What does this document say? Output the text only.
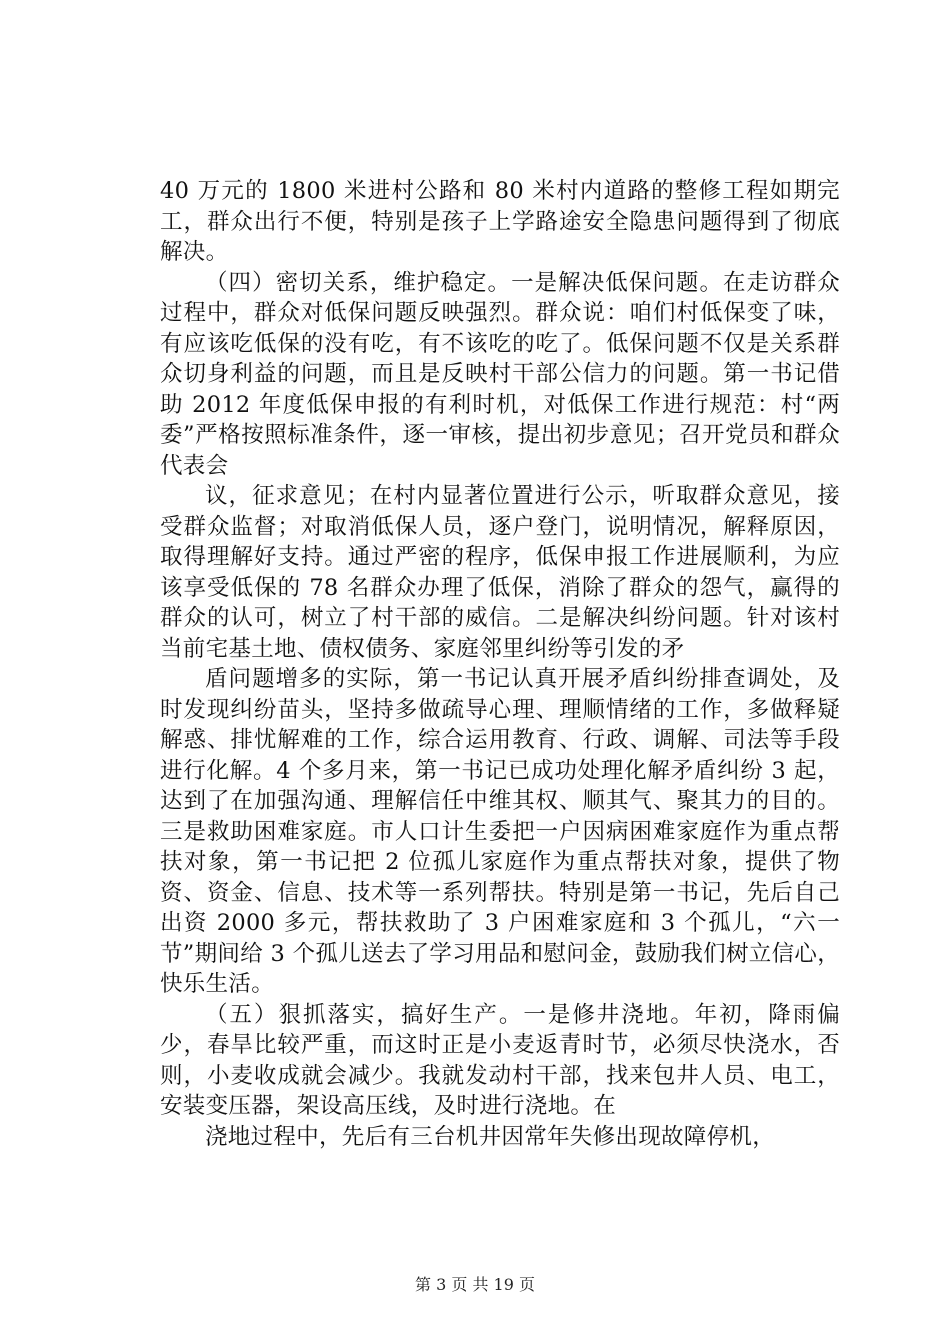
40 万元的 1800 米进村公路和 80 米村内道路的整修工程如期完工，群众出行不便，特别是孩子上学路途安全隐患问题得到了彻底解决。

（四）密切关系，维护稳定。一是解决低保问题。在走访群众过程中，群众对低保问题反映强烈。群众说：咱们村低保变了味，有应该吃低保的没有吃，有不该吃的吃了。低保问题不仅是关系群众切身利益的问题，而且是反映村干部公信力的问题。第一书记借助 2012 年度低保申报的有利时机，对低保工作进行规范：村“两委”严格按照标准条件，逐一审核，提出初步意见；召开党员和群众代表会

议，征求意见；在村内显著位置进行公示，听取群众意见，接受群众监督；对取消低保人员，逐户登门，说明情况，解释原因，取得理解好支持。通过严密的程序，低保申报工作进展顺利，为应该享受低保的 78 名群众办理了低保，消除了群众的怨气，赢得的群众的认可，树立了村干部的威信。二是解决纠纷问题。针对该村当前宅基土地、债权债务、家庭邻里纠纷等引发的矛

盾问题增多的实际，第一书记认真开展矛盾纠纷排查调处，及时发现纠纷苗头，坚持多做疏导心理、理顺情绪的工作，多做释疑解惑、排忧解难的工作，综合运用教育、行政、调解、司法等手段进行化解。4 个多月来，第一书记已成功处理化解矛盾纠纷 3 起，达到了在加强沟通、理解信任中维其权、顺其气、聚其力的目的。三是救助困难家庭。市人口计生委把一户因病困难家庭作为重点帮扶对象，第一书记把 2 位孤儿家庭作为重点帮扶对象，提供了物资、资金、信息、技术等一系列帮扶。特别是第一书记，先后自己出资 2000 多元，帮扶救助了 3 户困难家庭和 3 个孤儿，“六一节”期间给 3 个孤儿送去了学习用品和慰问金，鼓励我们树立信心，快乐生活。

（五）狠抓落实，搞好生产。一是修井浇地。年初，降雨偏少，春旱比较严重，而这时正是小麦返青时节，必须尽快浇水，否则，小麦收成就会减少。我就发动村干部，找来包井人员、电工，安装变压器，架设高压线，及时进行浇地。在

浇地过程中，先后有三台机井因常年失修出现故障停机，

第 3 页 共 19 页
